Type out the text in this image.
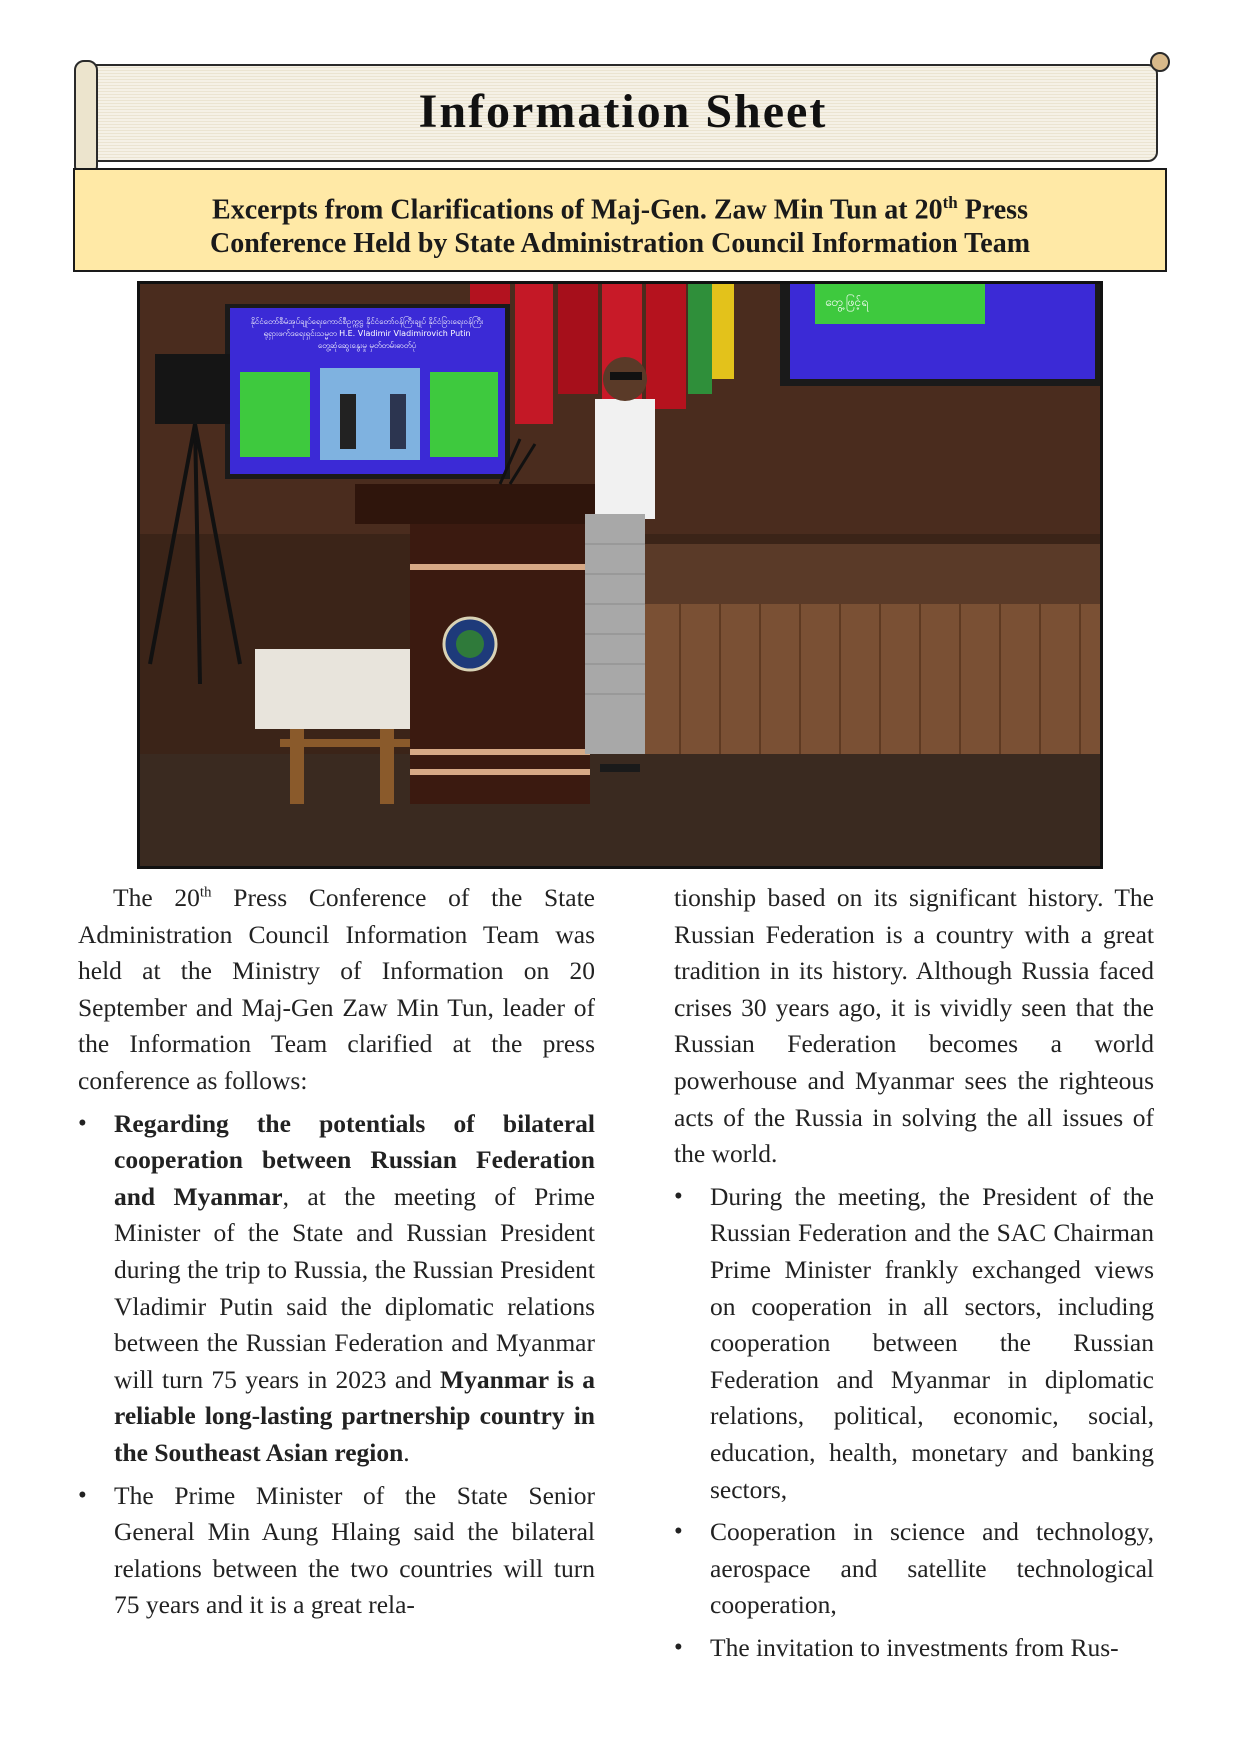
Information Sheet
Excerpts from Clarifications of Maj-Gen. Zaw Min Tun at 20th Press
Conference Held by State Administration Council Information Team
နိုင်ငံတော်စီမံအုပ်ချုပ်ရေးကောင်စီဥက္ကဋ္ဌ နိုင်ငံတော်ဝန်ကြီးချုပ် နိုင်ငံခြားရေးဝန်ကြီး
ရုရှားဖက်ဒရေးရှင်းသမ္မတ H.E. Vladimir Vladimirovich Putin
တွေ့ဆုံဆွေးနွေးမှု မှတ်တမ်းဓာတ်ပုံ
တွေ့ဖြင့်ရ

The 20th Press Conference of the State Administration Council Information Team was held at the Ministry of Information on 20 September and Maj-Gen Zaw Min Tun, leader of the Information Team clarified at the press conference as follows:

•	Regarding the potentials of bilateral cooperation between Russian Federation and Myanmar, at the meeting of Prime Minister of the State and Russian President during the trip to Russia, the Russian President Vladimir Putin said the diplomatic relations between the Russian Federation and Myanmar will turn 75 years in 2023 and Myanmar is a reliable long-lasting partnership country in the Southeast Asian region.
•	The Prime Minister of the State Senior General Min Aung Hlaing said the bilateral relations between the two countries will turn 75 years and it is a great rela-

tionship based on its significant history. The Russian Federation is a country with a great tradition in its history. Although Russia faced crises 30 years ago, it is vividly seen that the Russian Federation becomes a world powerhouse and Myanmar sees the righteous acts of the Russia in solving the all issues of the world.

•	During the meeting, the President of the Russian Federation and the SAC Chairman Prime Minister frankly exchanged views on cooperation in all sectors, including cooperation between the Russian Federation and Myanmar in diplomatic relations, political, economic, social, education, health, monetary and banking sectors,
•	Cooperation in science and technology, aerospace and satellite technological cooperation,
•	The invitation to investments from Rus-
